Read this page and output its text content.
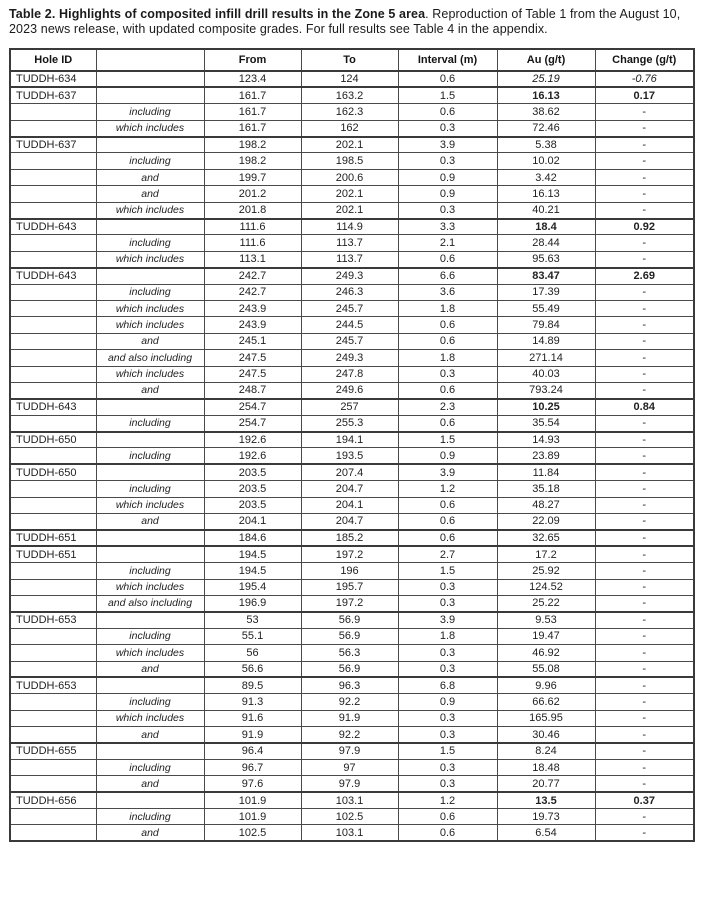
Table 2. Highlights of composited infill drill results in the Zone 5 area. Reproduction of Table 1 from the August 10, 2023 news release, with updated composite grades. For full results see Table 4 in the appendix.
Hole ID		From	To	Interval (m)	Au (g/t)	Change (g/t)
TUDDH-634		123.4	124	0.6	25.19	-0.76
TUDDH-637		161.7	163.2	1.5	16.13	0.17
	including	161.7	162.3	0.6	38.62	-
	which includes	161.7	162	0.3	72.46	-
TUDDH-637		198.2	202.1	3.9	5.38	-
	including	198.2	198.5	0.3	10.02	-
	and	199.7	200.6	0.9	3.42	-
	and	201.2	202.1	0.9	16.13	-
	which includes	201.8	202.1	0.3	40.21	-
TUDDH-643		111.6	114.9	3.3	18.4	0.92
	including	111.6	113.7	2.1	28.44	-
	which includes	113.1	113.7	0.6	95.63	-
TUDDH-643		242.7	249.3	6.6	83.47	2.69
	including	242.7	246.3	3.6	17.39	-
	which includes	243.9	245.7	1.8	55.49	-
	which includes	243.9	244.5	0.6	79.84	-
	and	245.1	245.7	0.6	14.89	-
	and also including	247.5	249.3	1.8	271.14	-
	which includes	247.5	247.8	0.3	40.03	-
	and	248.7	249.6	0.6	793.24	-
TUDDH-643		254.7	257	2.3	10.25	0.84
	including	254.7	255.3	0.6	35.54	-
TUDDH-650		192.6	194.1	1.5	14.93	-
	including	192.6	193.5	0.9	23.89	-
TUDDH-650		203.5	207.4	3.9	11.84	-
	including	203.5	204.7	1.2	35.18	-
	which includes	203.5	204.1	0.6	48.27	-
	and	204.1	204.7	0.6	22.09	-
TUDDH-651		184.6	185.2	0.6	32.65	-
TUDDH-651		194.5	197.2	2.7	17.2	-
	including	194.5	196	1.5	25.92	-
	which includes	195.4	195.7	0.3	124.52	-
	and also including	196.9	197.2	0.3	25.22	-
TUDDH-653		53	56.9	3.9	9.53	-
	including	55.1	56.9	1.8	19.47	-
	which includes	56	56.3	0.3	46.92	-
	and	56.6	56.9	0.3	55.08	-
TUDDH-653		89.5	96.3	6.8	9.96	-
	including	91.3	92.2	0.9	66.62	-
	which includes	91.6	91.9	0.3	165.95	-
	and	91.9	92.2	0.3	30.46	-
TUDDH-655		96.4	97.9	1.5	8.24	-
	including	96.7	97	0.3	18.48	-
	and	97.6	97.9	0.3	20.77	-
TUDDH-656		101.9	103.1	1.2	13.5	0.37
	including	101.9	102.5	0.6	19.73	-
	and	102.5	103.1	0.6	6.54	-
